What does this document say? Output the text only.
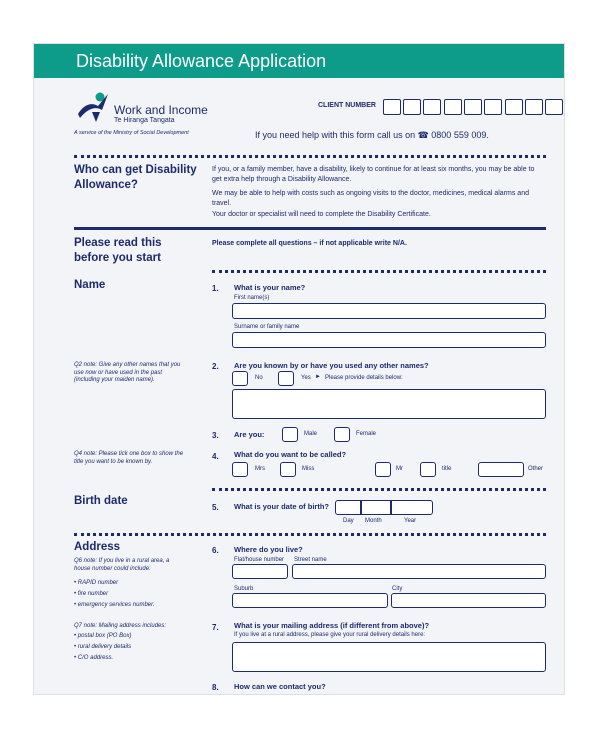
Disability Allowance Application
Work and Income
Te Hiranga Tangata
A service of the Ministry of Social Development
CLIENT NUMBER
If you need help with this form call us on ☎ 0800 559 009.
Who can get Disability Allowance?
If you, or a family member, have a disability, likely to continue for at least six months, you may be able to get extra help through a Disability Allowance.
We may be able to help with costs such as ongoing visits to the doctor, medicines, medical alarms and travel.
Your doctor or specialist will need to complete the Disability Certificate.
Please read this before you start
Please complete all questions – if not applicable write N/A.
Name	1. What is your name?
First name(s)
Surname or family name
Q2 note: Give any other names that you use now or have used in the past (including your maiden name).
2. Are you known by or have you used any other names?
No	Yes ► Please provide details below:
3. Are you:	Male	Female
Q4 note: Please tick one box to show the title you want to be known by.
4. What do you want to be called?
Mrs	Miss	Mr	title	Other
Birth date
5. What is your date of birth?
Day Month	Year
Address
Q6 note: If you live in a rural area, a house number could include:
• RAPID number
• fire number
• emergency services number.
Q7 note: Mailing address includes:
• postal box (PO Box)
• rural delivery details
• C/O address.
6. Where do you live?
Flat/house number Street name
Suburb	City
7. What is your mailing address (if different from above)?
If you live at a rural address, please give your rural delivery details here:
8. How can we contact you?
